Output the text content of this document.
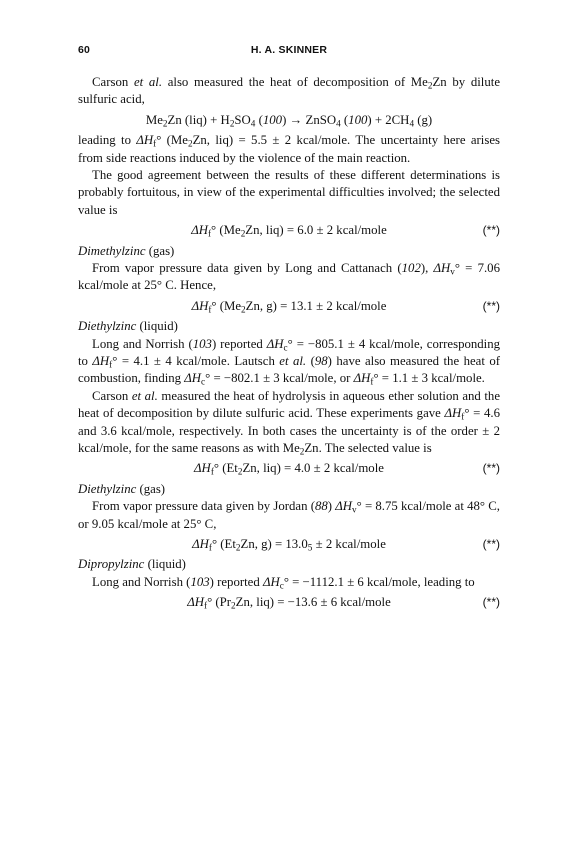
60	H. A. SKINNER

Carson et al. also measured the heat of decomposition of $Me_2Zn$ by dilute sulfuric acid,

$Me_2Zn$ $(liq) + H_2SO_4$ (100) → ZnSO$_4$ $(100) + 2CH_4$ (g)

leading to $\Delta H_f^\circ$ ($Me_2Zn$, liq) = 5.5 ± 2 kcal/mole. The uncertainty here arises from side reactions induced by the violence of the main reaction.

The good agreement between the results of these different determinations is probably fortuitous, in view of the experimental difficulties involved; the selected value is

$\Delta H_f^\circ$ ($Me_2Zn$, liq) = 6.0 ± 2 kcal/mole	(**)
Dimethylzinc (gas)

From vapor pressure data given by Long and Cattanach (102), $\Delta H_v^\circ = 7.06$ kcal/mole at 25° C. Hence,

$\Delta H_f^\circ$ ($Me_2Zn$, g) = 13.1 ± 2 kcal/mole	(**)
Diethylzinc (liquid)

Long and Norrish (103) reported $\Delta H_c^\circ = -805.1 \pm 4$ kcal/mole, corresponding to $\Delta H_f^\circ = 4.1 \pm 4$ kcal/mole. Lautsch et al. (98) have also measured the heat of combustion, finding $\Delta H_c^\circ = -802.1 \pm 3$ kcal/mole, or $\Delta H_f^\circ = 1.1 \pm 3$ kcal/mole.

Carson et al. measured the heat of hydrolysis in aqueous ether solution and the heat of decomposition by dilute sulfuric acid. These experiments gave $\Delta H_f^\circ = 4.6$ and 3.6 kcal/mole, respectively. In both cases the uncertainty is of the order ± 2 kcal/mole, for the same reasons as with $Me_2Zn$. The selected value is

$\Delta H_f^\circ$ ($Et_2Zn$, liq) = 4.0 ± 2 kcal/mole	(**)
Diethylzinc (gas)

From vapor pressure data given by Jordan (88) $\Delta H_v^\circ = 8.75$ kcal/mole at 48° C, or 9.05 kcal/mole at 25° C,

$\Delta H_f^\circ$ ($Et_2Zn$, $g) = 13.0_5 \pm 2$ kcal/mole	(**)
Dipropylzinc (liquid)

Long and Norrish (103) reported $\Delta H_c^\circ = -1112.1 \pm 6$ kcal/mole, leading to

$\Delta H_f^\circ$ ($Pr_2Zn$, liq) = −13.6 ± 6 kcal/mole	(**)
